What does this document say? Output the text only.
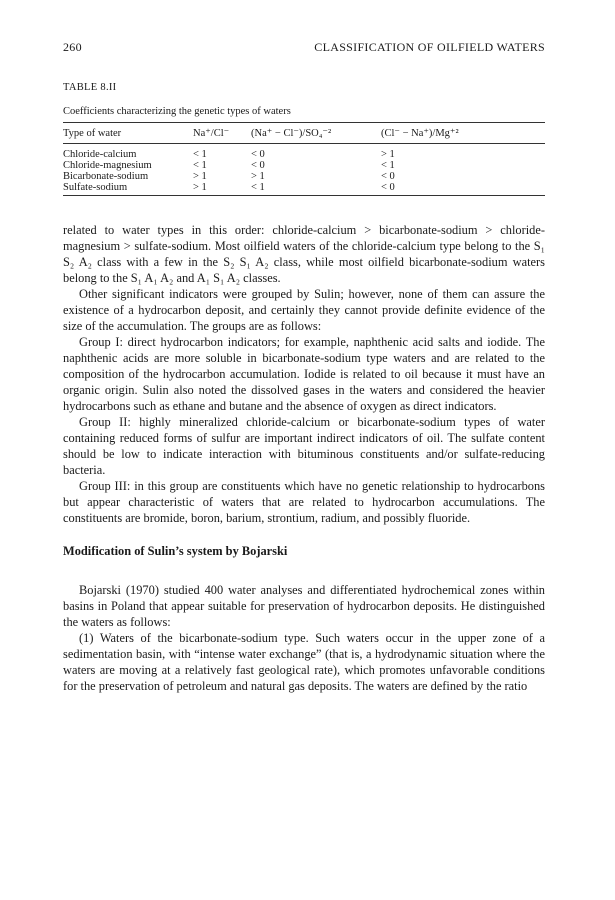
260	CLASSIFICATION OF OILFIELD WATERS
TABLE 8.II
Coefficients characterizing the genetic types of waters
Type of water	Na⁺/Cl⁻	(Na⁺ − Cl⁻)/SO₄⁻²	(Cl⁻ − Na⁺)/Mg⁺²
Chloride-calcium	< 1	< 0	> 1
Chloride-magnesium	< 1	< 0	< 1
Bicarbonate-sodium	> 1	> 1	< 0
Sulfate-sodium	> 1	< 1	< 0

related to water types in this order: chloride-calcium > bicarbonate-sodium > chloride-magnesium > sulfate-sodium. Most oilfield waters of the chloride-calcium type belong to the S₁ S₂ A₂ class with a few in the S₂ S₁ A₂ class, while most oilfield bicarbonate-sodium waters belong to the S₁ A₁ A₂ and A₁ S₁ A₂ classes.

Other significant indicators were grouped by Sulin; however, none of them can assure the existence of a hydrocarbon deposit, and certainly they cannot provide definite evidence of the size of the accumulation. The groups are as follows:

Group I: direct hydrocarbon indicators; for example, naphthenic acid salts and iodide. The naphthenic acids are more soluble in bicarbonate-sodium type waters and are related to the composition of the hydrocarbon accumulation. Iodide is related to oil because it must have an organic origin. Sulin also noted the dissolved gases in the waters and considered the heavier hydrocarbons such as ethane and butane and the absence of oxygen as direct indicators.

Group II: highly mineralized chloride-calcium or bicarbonate-sodium types of water containing reduced forms of sulfur are important indirect indicators of oil. The sulfate content should be low to indicate interaction with bituminous constituents and/or sulfate-reducing bacteria.

Group III: in this group are constituents which have no genetic relationship to hydrocarbons but appear characteristic of waters that are related to hydrocarbon accumulations. The constituents are bromide, boron, barium, strontium, radium, and possibly fluoride.

Modification of Sulin’s system by Bojarski

Bojarski (1970) studied 400 water analyses and differentiated hydrochemical zones within basins in Poland that appear suitable for preservation of hydrocarbon deposits. He distinguished the waters as follows:

(1) Waters of the bicarbonate-sodium type. Such waters occur in the upper zone of a sedimentation basin, with “intense water exchange” (that is, a hydrodynamic situation where the waters are moving at a relatively fast geological rate), which promotes unfavorable conditions for the preservation of petroleum and natural gas deposits. The waters are defined by the ratio
